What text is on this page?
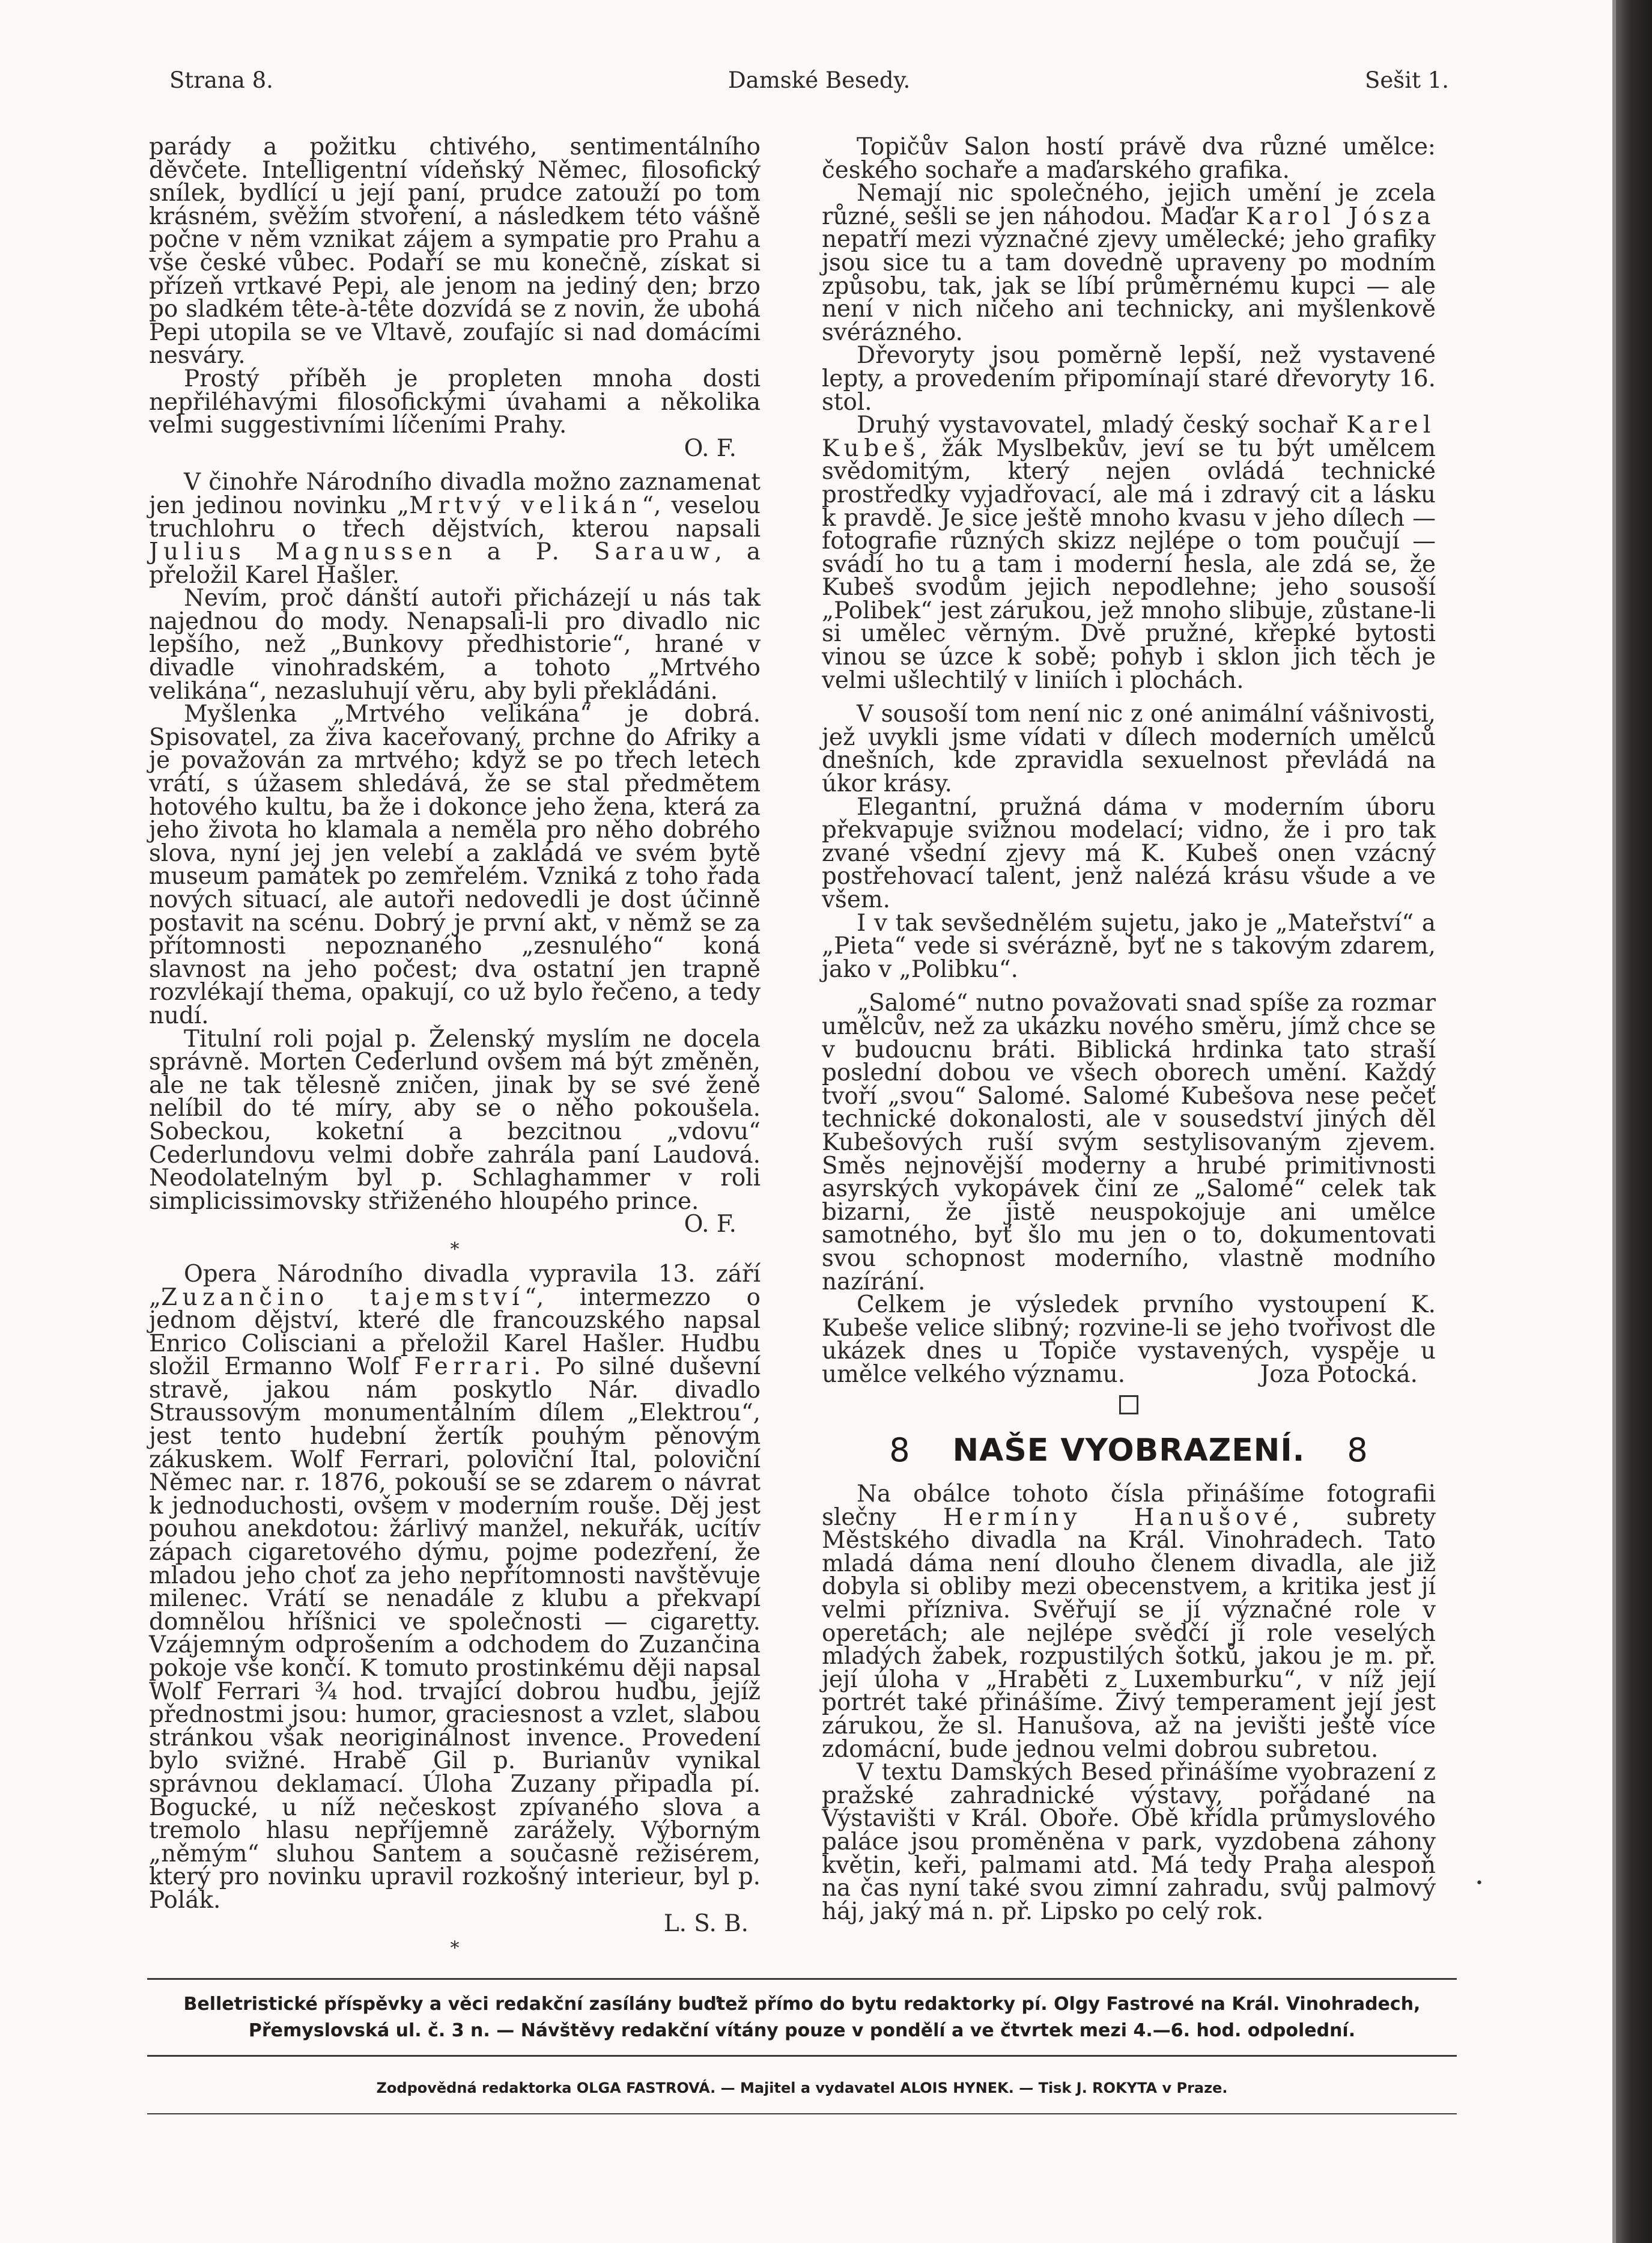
Strana 8.	Damské Besedy.	Sešit 1.

parády a požitku chtivého, sentimentálního děvčete. Intelligentní vídeňský Němec, filosofický snílek, bydlící u její paní, prudce zatouží po tom krásném, svěžím stvoření, a následkem této vášně počne v něm vznikat zájem a sympatie pro Prahu a vše české vůbec. Podaří se mu konečně, získat si přízeň vrtkavé Pepi, ale jenom na jediný den; brzo po sladkém tête-à-tête dozvídá se z novin, že ubohá Pepi utopila se ve Vltavě, zoufajíc si nad domácími nesváry.

Prostý příběh je propleten mnoha dosti nepřiléhavými filosofickými úvahami a několika velmi suggestivními líčeními Prahy.

O. F.

V činohře Národního divadla možno zaznamenat jen jedinou novinku „Mrtvý velikán“, veselou truchlohru o třech dějstvích, kterou napsali Julius Magnussen a P. Sarauw, a přeložil Karel Hašler.

Nevím, proč dánští autoři přicházejí u nás tak najednou do mody. Nenapsali-li pro divadlo nic lepšího, než „Bunkovy předhistorie“, hrané v divadle vinohradském, a tohoto „Mrtvého velikána“, nezasluhují věru, aby byli překládáni.

Myšlenka „Mrtvého velikána“ je dobrá. Spisovatel, za živa kaceřovaný, prchne do Afriky a je považován za mrtvého; když se po třech letech vrátí, s úžasem shledává, že se stal předmětem hotového kultu, ba že i dokonce jeho žena, která za jeho života ho klamala a neměla pro něho dobrého slova, nyní jej jen velebí a zakládá ve svém bytě museum památek po zemřelém. Vzniká z toho řada nových situací, ale autoři nedovedli je dost účinně postavit na scénu. Dobrý je první akt, v němž se za přítomnosti nepoznaného „zesnulého“ koná slavnost na jeho počest; dva ostatní jen trapně rozvlékají thema, opakují, co už bylo řečeno, a tedy nudí.

Titulní roli pojal p. Želenský myslím ne docela správně. Morten Cederlund ovšem má být změněn, ale ne tak tělesně zničen, jinak by se své ženě nelíbil do té míry, aby se o něho pokoušela. Sobeckou, koketní a bezcitnou „vdovu“ Cederlundovu velmi dobře zahrála paní Laudová. Neodolatelným byl p. Schlaghammer v roli simplicissimovsky střiženého hloupého prince.

O. F.
*

Opera Národního divadla vypravila 13. září „Zuzančino tajemství“, intermezzo o jednom dějství, které dle francouzského napsal Enrico Colisciani a přeložil Karel Hašler. Hudbu složil Ermanno Wolf Ferrari. Po silné duševní stravě, jakou nám poskytlo Nár. divadlo Straussovým monumentálním dílem „Elektrou“, jest tento hudební žertík pouhým pěnovým zákuskem. Wolf Ferrari, poloviční Ital, poloviční Němec nar. r. 1876, pokouší se se zdarem o návrat k jednoduchosti, ovšem v moderním rouše. Děj jest pouhou anekdotou: žárlivý manžel, nekuřák, ucítív zápach cigaretového dýmu, pojme podezření, že mladou jeho choť za jeho nepřítomnosti navštěvuje milenec. Vrátí se nenadále z klubu a překvapí domnělou hříšnici ve společnosti — cigaretty. Vzájemným odprošením a odchodem do Zuzančina pokoje vše končí. K tomuto prostinkému ději napsal Wolf Ferrari ¾ hod. trvající dobrou hudbu, jejíž přednostmi jsou: humor, graciesnost a vzlet, slabou stránkou však neoriginálnost invence. Provedení bylo svižné. Hrabě Gil p. Burianův vynikal správnou deklamací. Úloha Zuzany připadla pí. Bogucké, u níž nečeskost zpívaného slova a tremolo hlasu nepříjemně zarážely. Výborným „němým“ sluhou Santem a současně režisérem, který pro novinku upravil rozkošný interieur, byl p. Polák.

L. S. B.
*

Topičův Salon hostí právě dva různé umělce: českého sochaře a maďarského grafika.

Nemají nic společného, jejich umění je zcela různé, sešli se jen náhodou. Maďar Karol Jósza nepatří mezi význačné zjevy umělecké; jeho grafiky jsou sice tu a tam dovedně upraveny po modním způsobu, tak, jak se líbí průměrnému kupci — ale není v nich ničeho ani technicky, ani myšlenkově svérázného.

Dřevoryty jsou poměrně lepší, než vystavené lepty, a provedením připomínají staré dřevoryty 16. stol.

Druhý vystavovatel, mladý český sochař Karel Kubeš, žák Myslbekův, jeví se tu být umělcem svědomitým, který nejen ovládá technické prostředky vyjadřovací, ale má i zdravý cit a lásku k pravdě. Je sice ještě mnoho kvasu v jeho dílech — fotografie různých skizz nejlépe o tom poučují — svádí ho tu a tam i moderní hesla, ale zdá se, že Kubeš svodům jejich nepodlehne; jeho sousoší „Polibek“ jest zárukou, jež mnoho slibuje, zůstane-li si umělec věrným. Dvě pružné, křepké bytosti vinou se úzce k sobě; pohyb i sklon jich těch je velmi ušlechtilý v liniích i plochách.

V sousoší tom není nic z oné animální vášnivosti, jež uvykli jsme vídati v dílech moderních umělců dnešních, kde zpravidla sexuelnost převládá na úkor krásy.

Elegantní, pružná dáma v moderním úboru překvapuje svižnou modelací; vidno, že i pro tak zvané všední zjevy má K. Kubeš onen vzácný postřehovací talent, jenž nalézá krásu všude a ve všem.

I v tak sevšednělém sujetu, jako je „Mateřství“ a „Pieta“ vede si svérázně, byť ne s takovým zdarem, jako v „Polibku“.

„Salomé“ nutno považovati snad spíše za rozmar umělcův, než za ukázku nového směru, jímž chce se v budoucnu bráti. Biblická hrdinka tato straší poslední dobou ve všech oborech umění. Každý tvoří „svou“ Salomé. Salomé Kubešova nese pečeť technické dokonalosti, ale v sousedství jiných děl Kubešových ruší svým sestylisovaným zjevem. Směs nejnovější moderny a hrubé primitivnosti asyrských vykopávek činí ze „Salomé“ celek tak bizarní, že jistě neuspokojuje ani umělce samotného, byť šlo mu jen o to, dokumentovati svou schopnost moderního, vlastně modního nazírání.

Celkem je výsledek prvního vystoupení K. Kubeše velice slibný; rozvine-li se jeho tvořivost dle ukázek dnes u Topiče vystavených, vyspěje u umělce velkého významu.	Joza Potocká.
8 NAŠE VYOBRAZENÍ. 8

Na obálce tohoto čísla přinášíme fotografii slečny Hermíny Hanušové, subrety Městského divadla na Král. Vinohradech. Tato mladá dáma není dlouho členem divadla, ale již dobyla si obliby mezi obecenstvem, a kritika jest jí velmi příznivа. Svěřují se jí význačné role v operetách; ale nejlépe svědčí jí role veselých mladých žabek, rozpustilých šotků, jakou je m. př. její úloha v „Hraběti z Luxemburku“, v níž její portrét také přinášíme. Živý temperament její jest zárukou, že sl. Hanušova, až na jevišti ještě více zdomácní, bude jednou velmi dobrou subretou.

V textu Damských Besed přinášíme vyobrazení z pražské zahradnické výstavy, pořádané na Výstavišti v Král. Oboře. Obě křídla průmyslového paláce jsou proměněna v park, vyzdobena záhony květin, keři, palmami atd. Má tedy Praha alespoň na čas nyní také svou zimní zahradu, svůj palmový háj, jaký má n. př. Lipsko po celý rok.

•
Belletristické příspěvky a věci redakční zasílány buďtež přímo do bytu redaktorky pí. Olgy Fastrové na Král. Vinohradech,
Přemyslovská ul. č. 3 n. — Návštěvy redakční vítány pouze v pondělí a ve čtvrtek mezi 4.—6. hod. odpolední.
Zodpovědná redaktorka OLGA FASTROVÁ. — Majitel a vydavatel ALOIS HYNEK. — Tisk J. ROKYTA v Praze.
